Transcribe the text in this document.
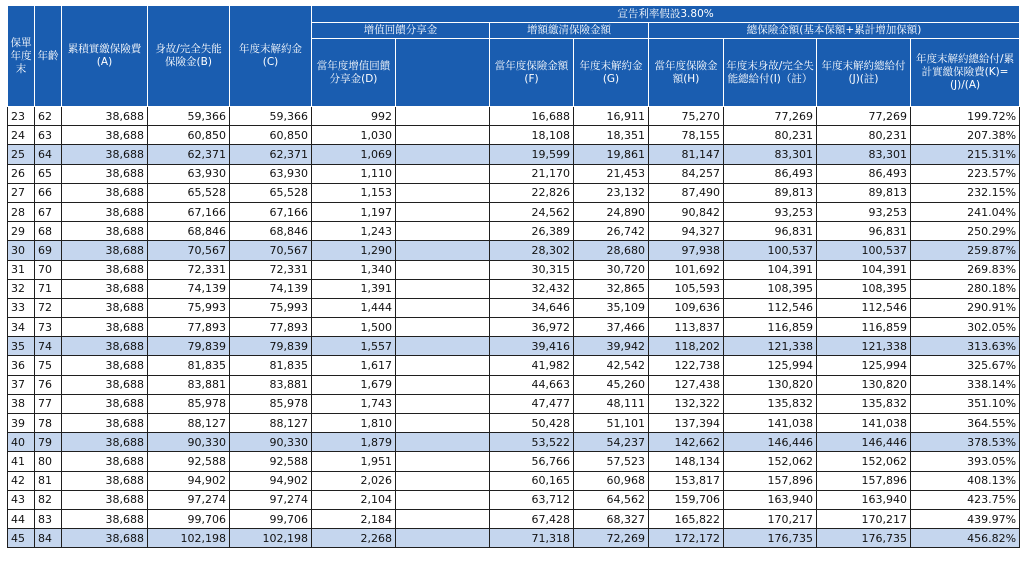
保單年度末	年齡	累積實繳保險費(A)	身故/完全失能保險金(B)	年度末解約金(C)	宣告利率假設3.80%							
					增值回饋分享金		增額繳清保險金額		總保險金額(基本保額+累計增加保額)			
					當年度增值回饋分享金(D)		當年度保險金額(F)	年度末解約金(G)	當年度保險金額(H)	年度末身故/完全失能總給付(I)（註）	年度末解約總給付(J)(註)	年度末解約總給付/累計實繳保險費(K)=(J)/(A)
23	62	38,688	59,366	59,366	992		16,688	16,911	75,270	77,269	77,269	199.72%
24	63	38,688	60,850	60,850	1,030		18,108	18,351	78,155	80,231	80,231	207.38%
25	64	38,688	62,371	62,371	1,069		19,599	19,861	81,147	83,301	83,301	215.31%
26	65	38,688	63,930	63,930	1,110		21,170	21,453	84,257	86,493	86,493	223.57%
27	66	38,688	65,528	65,528	1,153		22,826	23,132	87,490	89,813	89,813	232.15%
28	67	38,688	67,166	67,166	1,197		24,562	24,890	90,842	93,253	93,253	241.04%
29	68	38,688	68,846	68,846	1,243		26,389	26,742	94,327	96,831	96,831	250.29%
30	69	38,688	70,567	70,567	1,290		28,302	28,680	97,938	100,537	100,537	259.87%
31	70	38,688	72,331	72,331	1,340		30,315	30,720	101,692	104,391	104,391	269.83%
32	71	38,688	74,139	74,139	1,391		32,432	32,865	105,593	108,395	108,395	280.18%
33	72	38,688	75,993	75,993	1,444		34,646	35,109	109,636	112,546	112,546	290.91%
34	73	38,688	77,893	77,893	1,500		36,972	37,466	113,837	116,859	116,859	302.05%
35	74	38,688	79,839	79,839	1,557		39,416	39,942	118,202	121,338	121,338	313.63%
36	75	38,688	81,835	81,835	1,617		41,982	42,542	122,738	125,994	125,994	325.67%
37	76	38,688	83,881	83,881	1,679		44,663	45,260	127,438	130,820	130,820	338.14%
38	77	38,688	85,978	85,978	1,743		47,477	48,111	132,322	135,832	135,832	351.10%
39	78	38,688	88,127	88,127	1,810		50,428	51,101	137,394	141,038	141,038	364.55%
40	79	38,688	90,330	90,330	1,879		53,522	54,237	142,662	146,446	146,446	378.53%
41	80	38,688	92,588	92,588	1,951		56,766	57,523	148,134	152,062	152,062	393.05%
42	81	38,688	94,902	94,902	2,026		60,165	60,968	153,817	157,896	157,896	408.13%
43	82	38,688	97,274	97,274	2,104		63,712	64,562	159,706	163,940	163,940	423.75%
44	83	38,688	99,706	99,706	2,184		67,428	68,327	165,822	170,217	170,217	439.97%
45	84	38,688	102,198	102,198	2,268		71,318	72,269	172,172	176,735	176,735	456.82%
